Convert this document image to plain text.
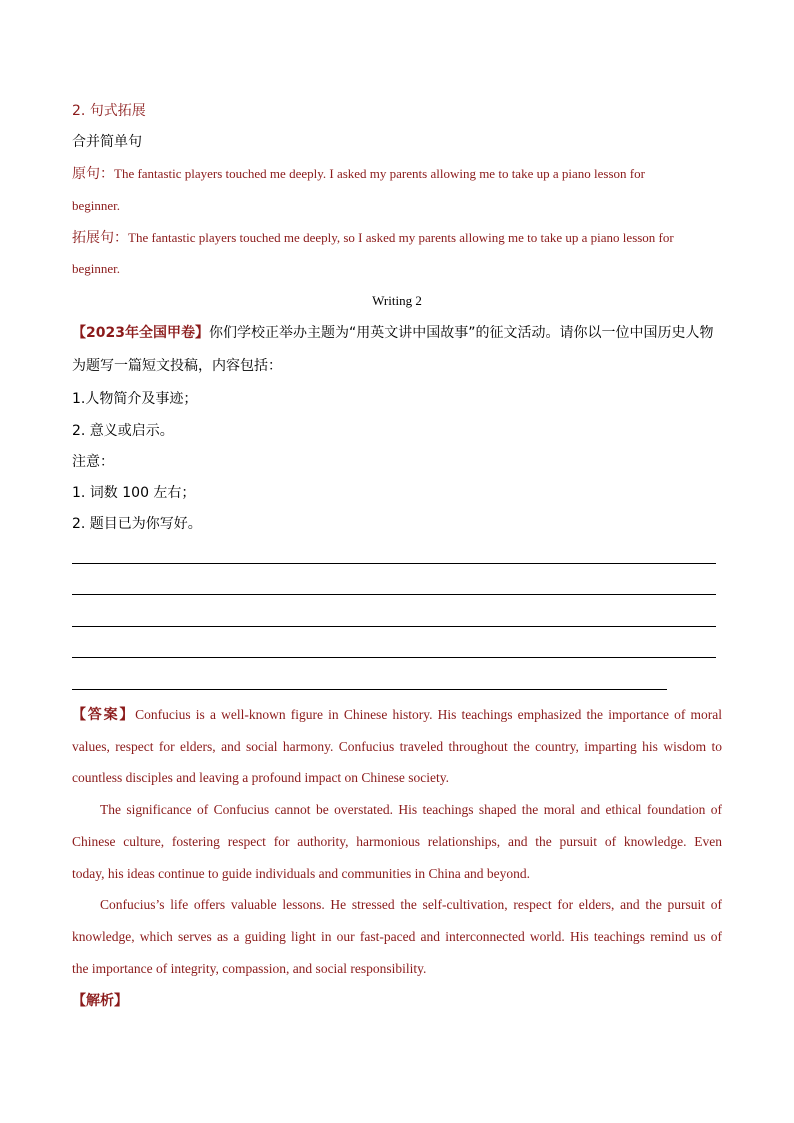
2. 句式拓展
合并简单句
原句：The fantastic players touched me deeply. I asked my parents allowing me to take up a piano lesson for
beginner.
拓展句：The fantastic players touched me deeply, so I asked my parents allowing me to take up a piano lesson for
beginner.
Writing 2
【2023年全国甲卷】你们学校正举办主题为“用英文讲中国故事”的征文活动。请你以一位中国历史人物
为题写一篇短文投稿，内容包括：
1.人物简介及事迹；
2. 意义或启示。
注意：
1. 词数 100 左右；
2. 题目已为你写好。
【答案】Confucius is a well-known figure in Chinese history. His teachings emphasized the importance of moral
values, respect for elders, and social harmony. Confucius traveled throughout the country, imparting his wisdom to
countless disciples and leaving a profound impact on Chinese society.
The significance of Confucius cannot be overstated. His teachings shaped the moral and ethical foundation of
Chinese culture, fostering respect for authority, harmonious relationships, and the pursuit of knowledge. Even
today, his ideas continue to guide individuals and communities in China and beyond.
Confucius’s life offers valuable lessons. He stressed the self-cultivation, respect for elders, and the pursuit of
knowledge, which serves as a guiding light in our fast-paced and interconnected world. His teachings remind us of
the importance of integrity, compassion, and social responsibility.
【解析】
